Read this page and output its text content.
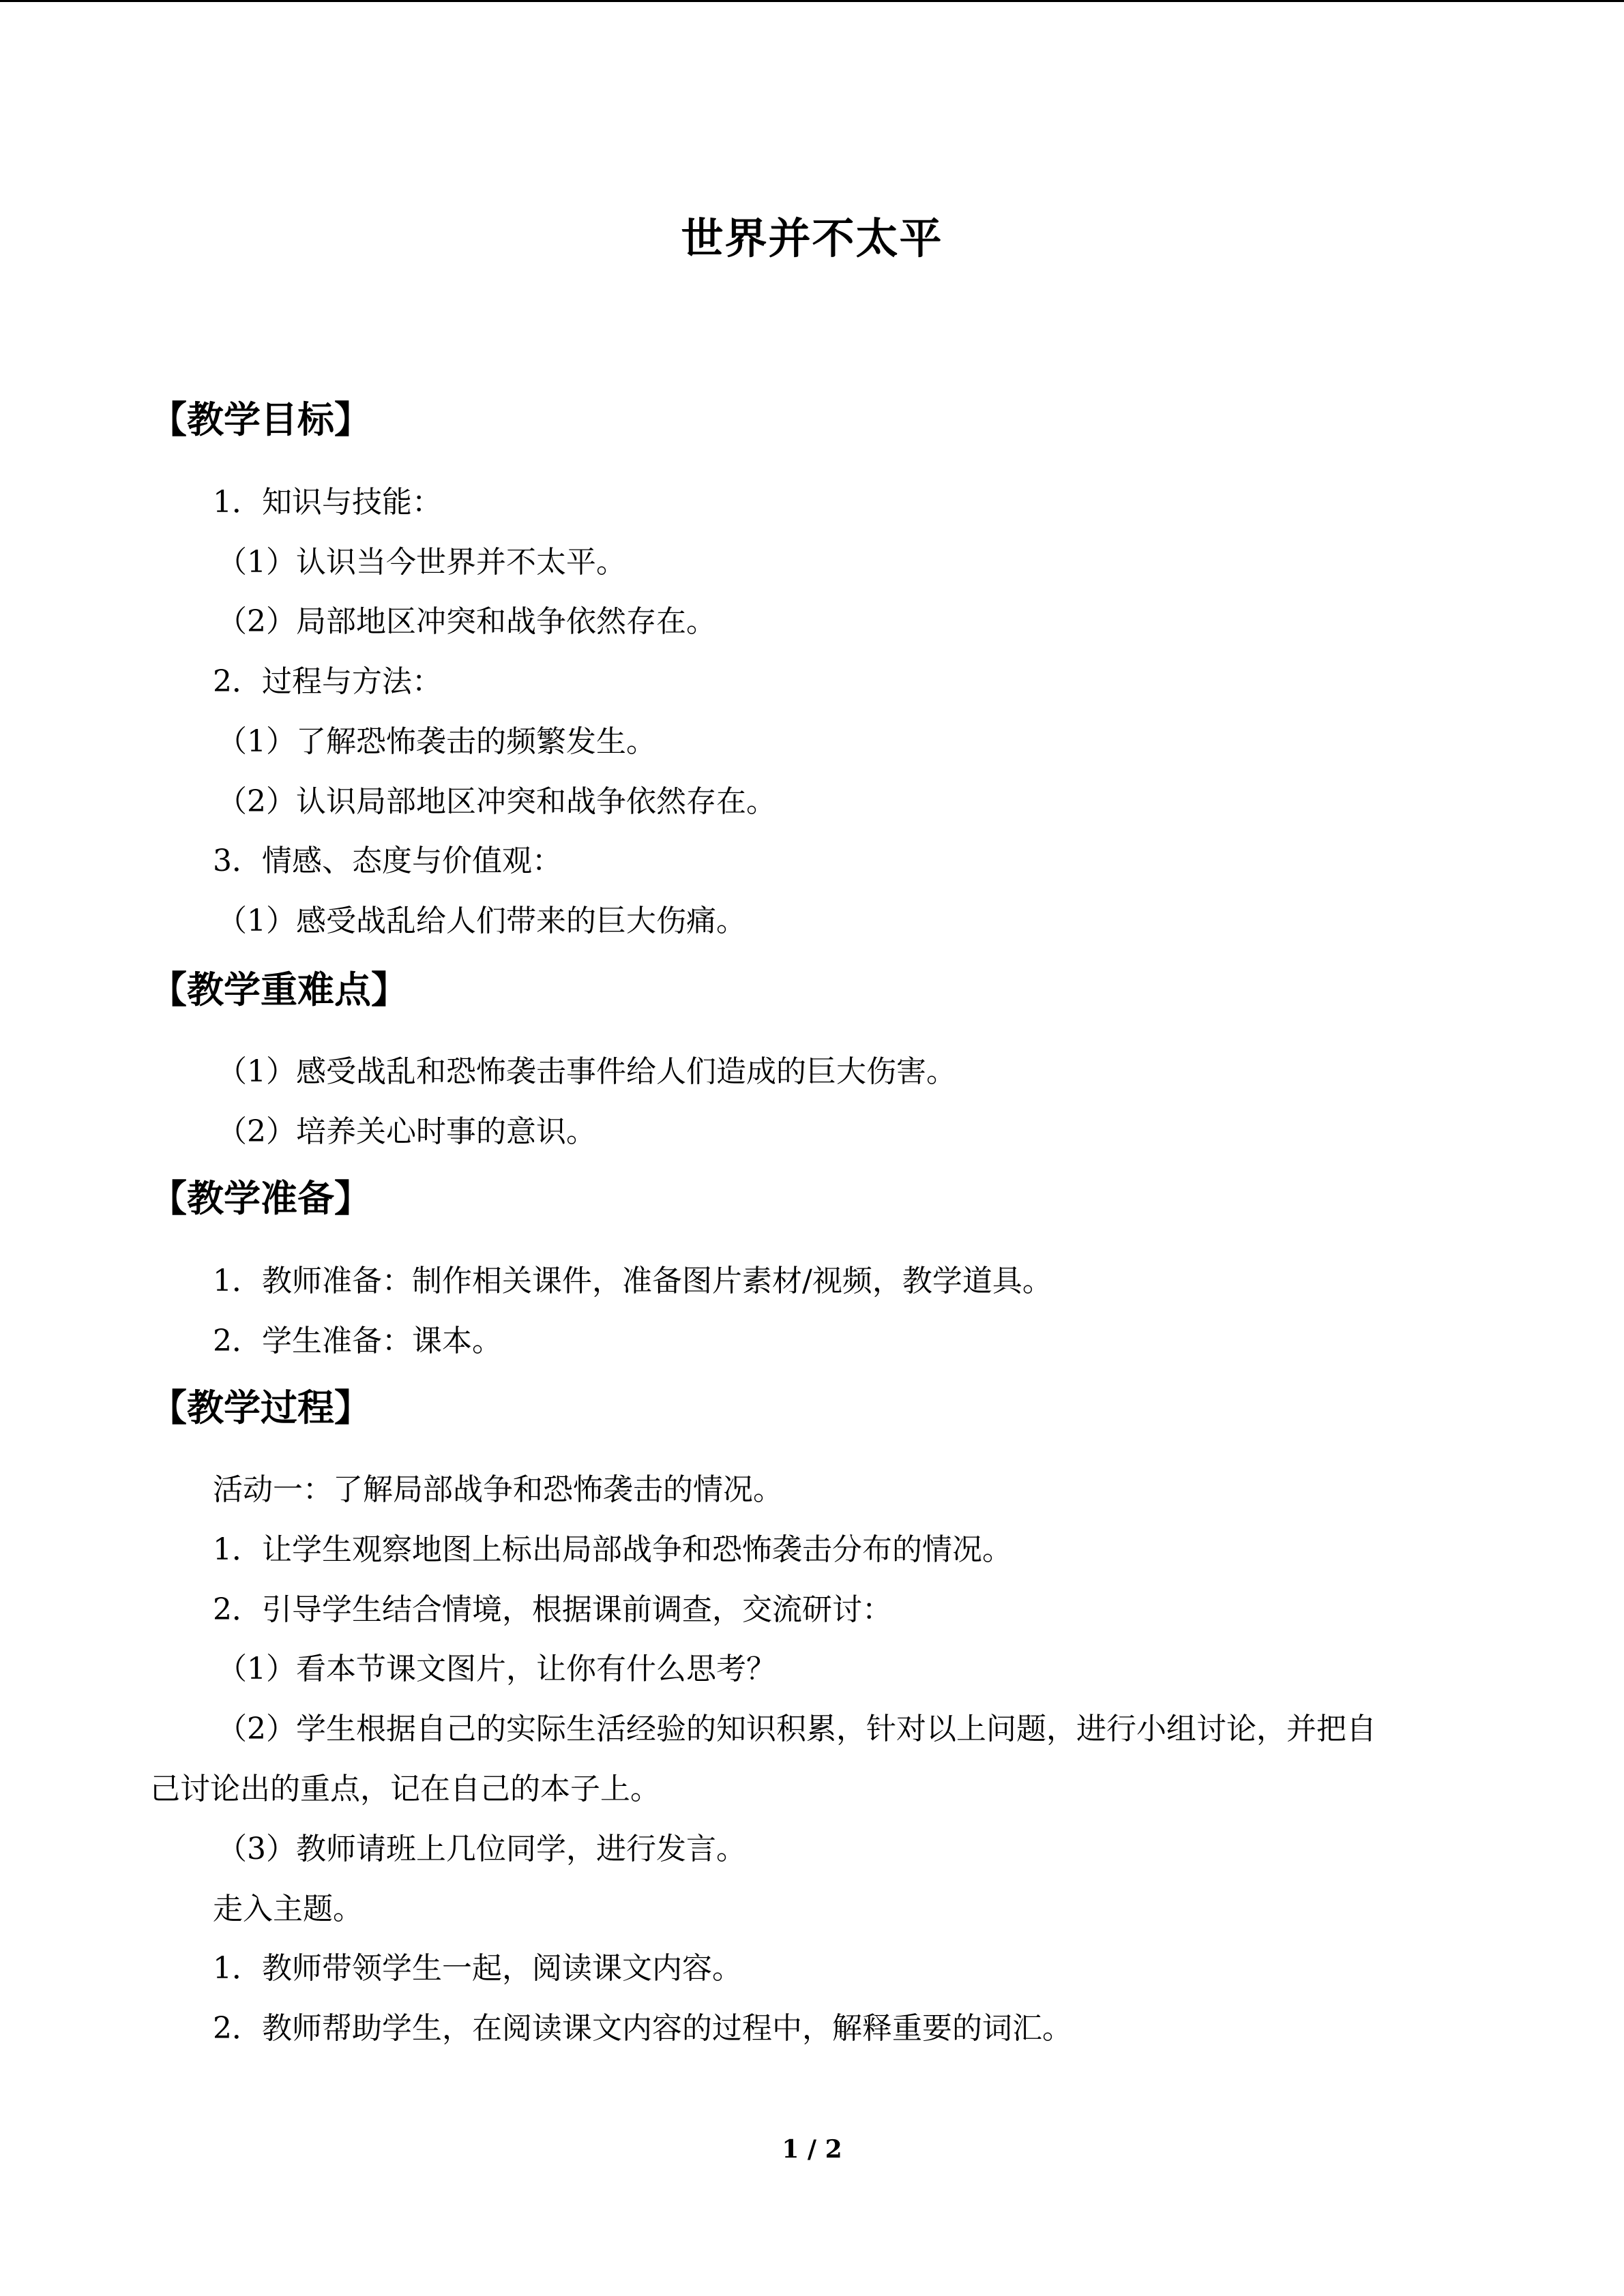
世界并不太平
【教学目标】
1．知识与技能：
（1）认识当今世界并不太平。
（2）局部地区冲突和战争依然存在。
2．过程与方法：
（1）了解恐怖袭击的频繁发生。
（2）认识局部地区冲突和战争依然存在。
3．情感、态度与价值观：
（1）感受战乱给人们带来的巨大伤痛。
【教学重难点】
（1）感受战乱和恐怖袭击事件给人们造成的巨大伤害。
（2）培养关心时事的意识。
【教学准备】
1．教师准备：制作相关课件，准备图片素材/视频，教学道具。
2．学生准备：课本。
【教学过程】
活动一：了解局部战争和恐怖袭击的情况。
1．让学生观察地图上标出局部战争和恐怖袭击分布的情况。
2．引导学生结合情境，根据课前调查，交流研讨：
（1）看本节课文图片，让你有什么思考？
（2）学生根据自己的实际生活经验的知识积累，针对以上问题，进行小组讨论，并把自
己讨论出的重点，记在自己的本子上。
（3）教师请班上几位同学，进行发言。
走入主题。
1．教师带领学生一起，阅读课文内容。
2．教师帮助学生，在阅读课文内容的过程中，解释重要的词汇。
1 / 2
